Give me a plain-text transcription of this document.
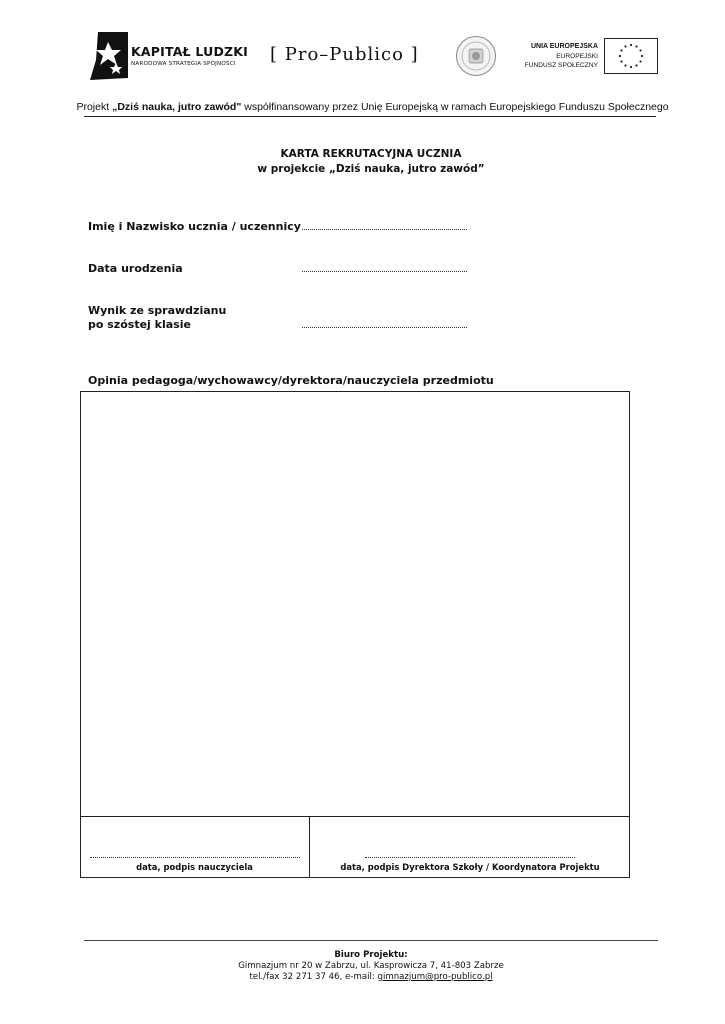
KAPITAŁ LUDZKI
NARODOWA STRATEGIA SPÓJNOŚCI [ Pro–Publico ]	UNIA EUROPEJSKA
EUROPEJSKI
FUNDUSZ SPOŁECZNY
Projekt „Dziś nauka, jutro zawód" współfinansowany przez Unię Europejską w ramach Europejskiego Funduszu Społecznego
KARTA REKRUTACYJNA UCZNIA
w projekcie „Dziś nauka, jutro zawód”
Imię i Nazwisko ucznia / uczennicy
Data urodzenia
Wynik ze sprawdzianu
po szóstej klasie
Opinia pedagoga/wychowawcy/dyrektora/nauczyciela przedmiotu
data, podpis nauczyciela	data, podpis Dyrektora Szkoły / Koordynatora Projektu
Biuro Projektu:
Gimnazjum nr 20 w Zabrzu, ul. Kasprowicza 7, 41-803 Zabrze
tel./fax 32 271 37 46, e-mail: gimnazjum@pro-publico.pl
